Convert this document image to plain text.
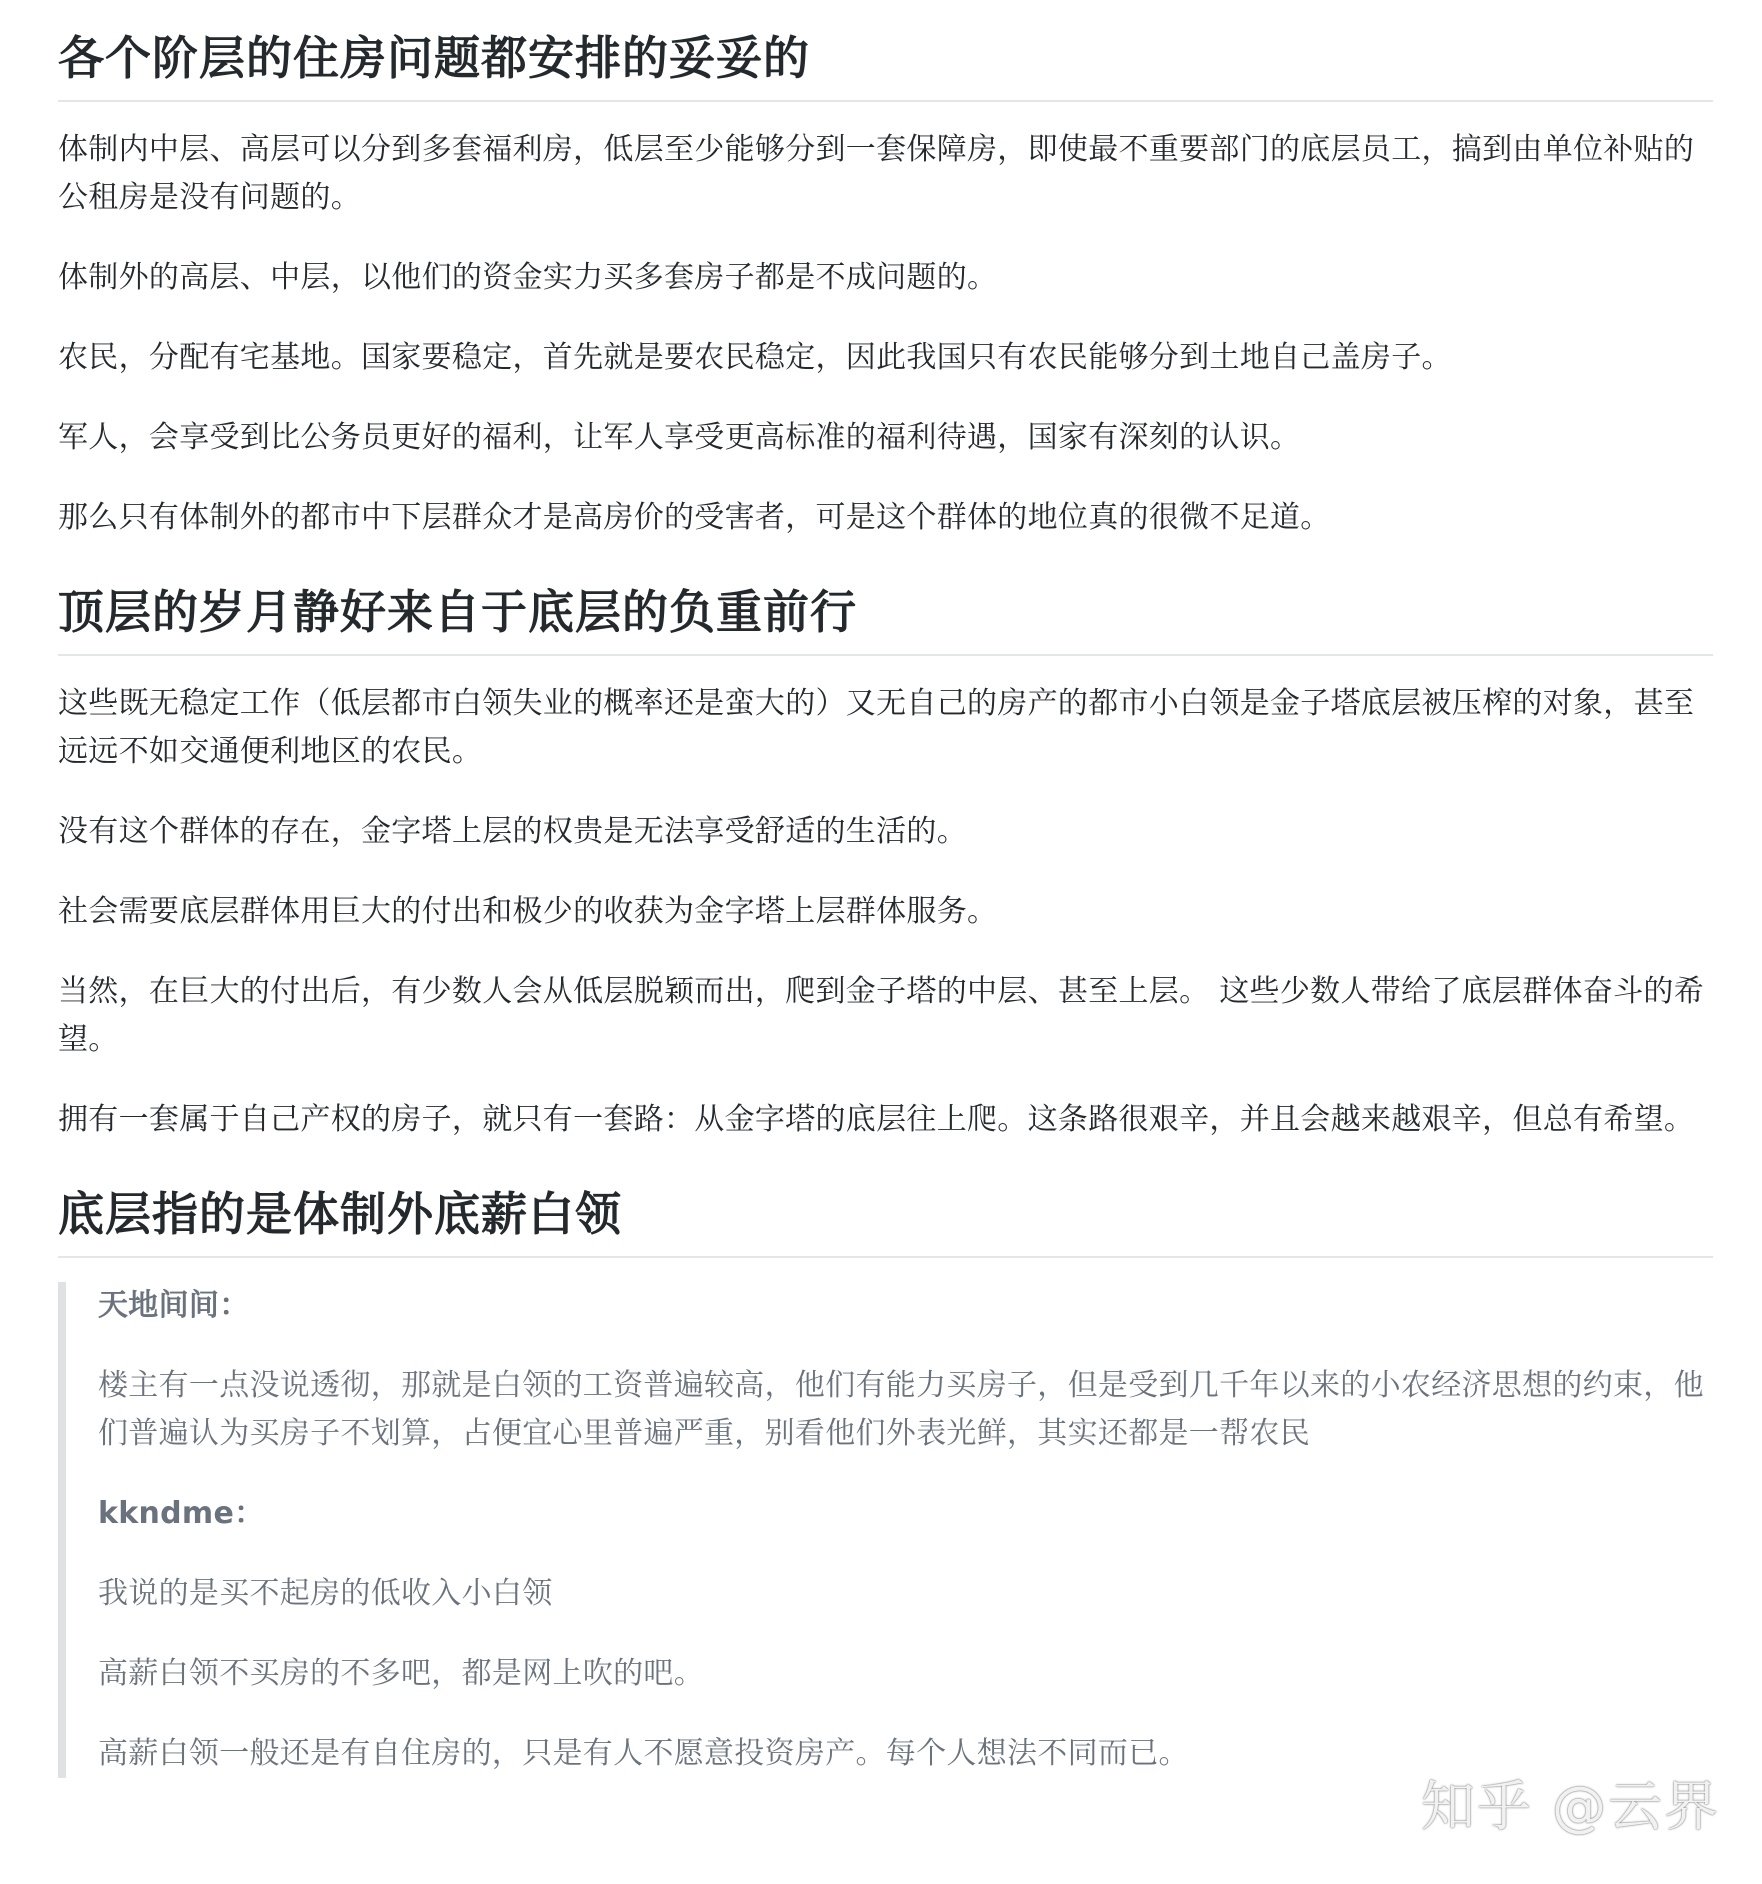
各个阶层的住房问题都安排的妥妥的

体制内中层、高层可以分到多套福利房，低层至少能够分到一套保障房，即使最不重要部门的底层员工，搞到由单位补贴的公租房是没有问题的。

体制外的高层、中层，以他们的资金实力买多套房子都是不成问题的。

农民，分配有宅基地。国家要稳定，首先就是要农民稳定，因此我国只有农民能够分到土地自己盖房子。

军人，会享受到比公务员更好的福利，让军人享受更高标准的福利待遇，国家有深刻的认识。

那么只有体制外的都市中下层群众才是高房价的受害者，可是这个群体的地位真的很微不足道。

顶层的岁月静好来自于底层的负重前行

这些既无稳定工作（低层都市白领失业的概率还是蛮大的）又无自己的房产的都市小白领是金子塔底层被压榨的对象，甚至远远不如交通便利地区的农民。

没有这个群体的存在，金字塔上层的权贵是无法享受舒适的生活的。

社会需要底层群体用巨大的付出和极少的收获为金字塔上层群体服务。

当然，在巨大的付出后，有少数人会从低层脱颖而出，爬到金子塔的中层、甚至上层。 这些少数人带给了底层群体奋斗的希望。

拥有一套属于自己产权的房子，就只有一套路：从金字塔的底层往上爬。这条路很艰辛，并且会越来越艰辛，但总有希望。

底层指的是体制外底薪白领

天地间间：

楼主有一点没说透彻，那就是白领的工资普遍较高，他们有能力买房子，但是受到几千年以来的小农经济思想的约束，他们普遍认为买房子不划算，占便宜心里普遍严重，别看他们外表光鲜，其实还都是一帮农民

kkndme：

我说的是买不起房的低收入小白领

高薪白领不买房的不多吧，都是网上吹的吧。

高薪白领一般还是有自住房的，只是有人不愿意投资房产。每个人想法不同而已。

知乎 @云界
